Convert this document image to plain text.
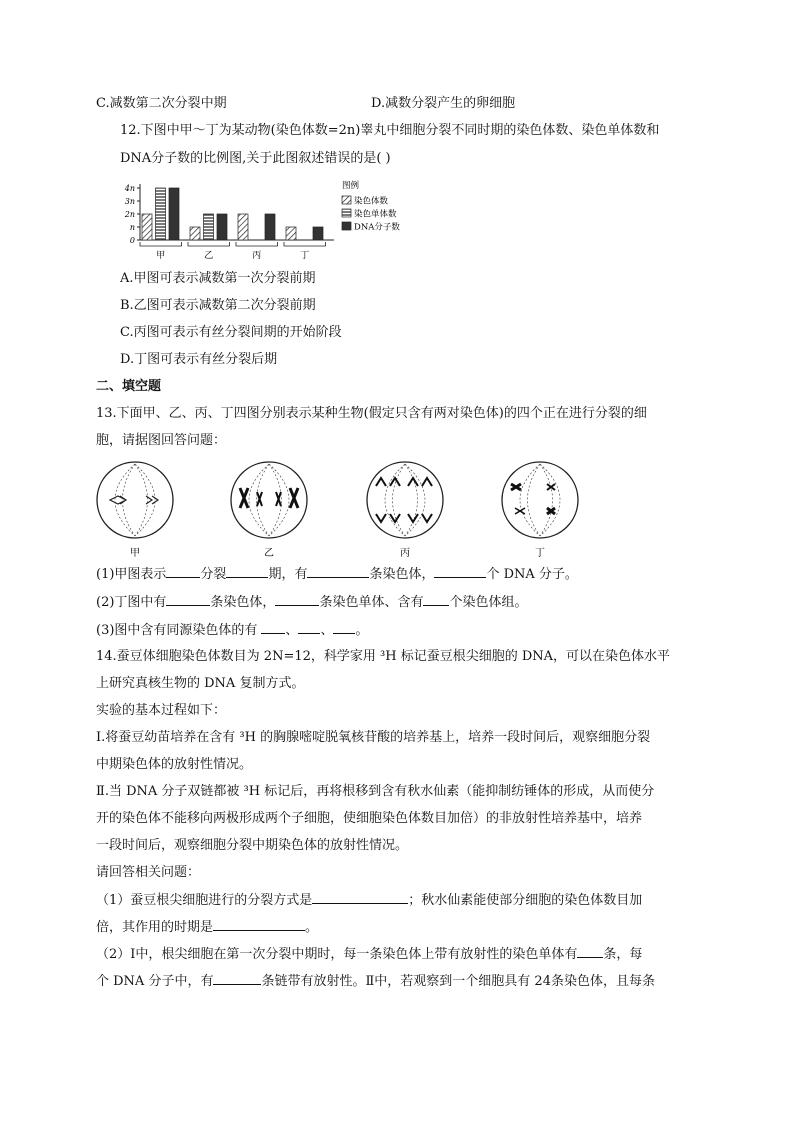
C.减数第二次分裂中期	D.减数分裂产生的卵细胞
12.下图中甲～丁为某动物(染色体数=2n)睾丸中细胞分裂不同时期的染色体数、染色单体数和
DNA分子数的比例图,关于此图叙述错误的是( )
4n
3n
2n
n
0
甲	乙	丙	丁
图例
染色体数
染色单体数
DNA分子数
A.甲图可表示减数第一次分裂前期
B.乙图可表示减数第二次分裂前期
C.丙图可表示有丝分裂间期的开始阶段
D.丁图可表示有丝分裂后期
二、填空题
13.下面甲、乙、丙、丁四图分别表示某种生物(假定只含有两对染色体)的四个正在进行分裂的细
胞，请据图回答问题：
甲	乙	丙	丁
(1)甲图表示	分裂	期，有	条染色体，	个 DNA 分子。
(2)丁图中有	条染色体，	条染色单体、含有 个染色体组。
(3)图中含有同源染色体的有 、 、 。
14.蚕豆体细胞染色体数目为 2N=12，科学家用 ³H 标记蚕豆根尖细胞的 DNA，可以在染色体水平
上研究真核生物的 DNA 复制方式。
实验的基本过程如下：
Ⅰ.将蚕豆幼苗培养在含有 ³H 的胸腺嘧啶脱氧核苷酸的培养基上，培养一段时间后，观察细胞分裂
中期染色体的放射性情况。
Ⅱ.当 DNA 分子双链都被 ³H 标记后，再将根移到含有秋水仙素（能抑制纺锤体的形成，从而使分
开的染色体不能移向两极形成两个子细胞，使细胞染色体数目加倍）的非放射性培养基中，培养
一段时间后，观察细胞分裂中期染色体的放射性情况。
请回答相关问题：
（1）蚕豆根尖细胞进行的分裂方式是	；秋水仙素能使部分细胞的染色体数目加
倍，其作用的时期是	。
（2）Ⅰ中，根尖细胞在第一次分裂中期时，每一条染色体上带有放射性的染色单体有 条，每
个 DNA 分子中，有	条链带有放射性。Ⅱ中，若观察到一个细胞具有 24条染色体，且每条
